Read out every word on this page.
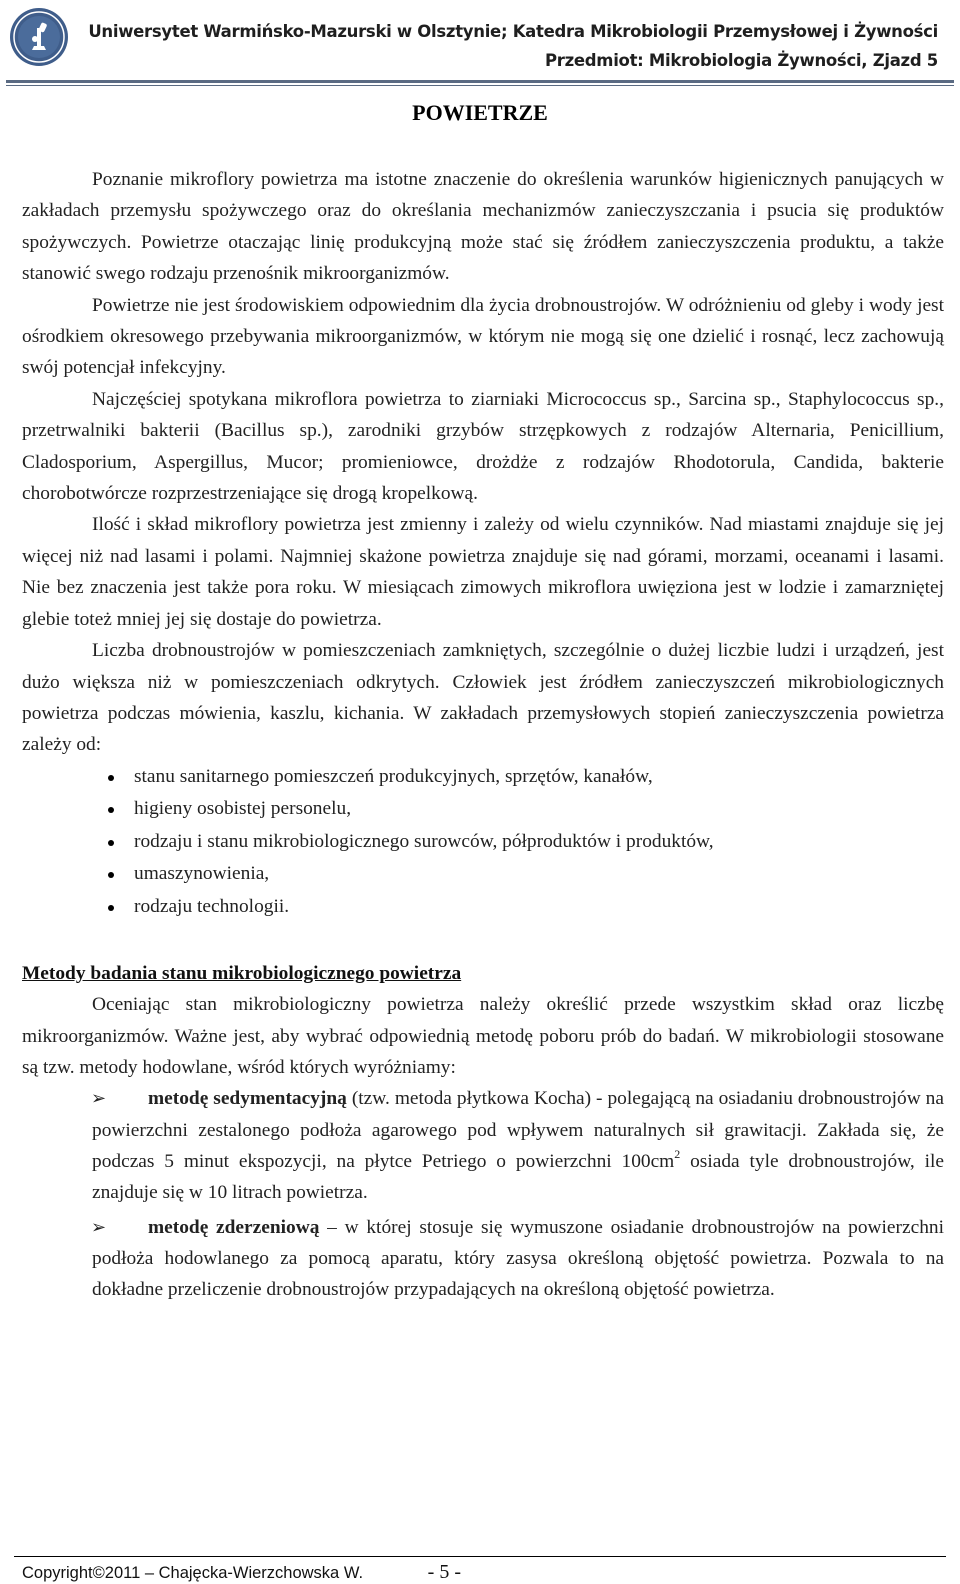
Uniwersytet Warmińsko-Mazurski w Olsztynie; Katedra Mikrobiologii Przemysłowej i Żywności
Przedmiot: Mikrobiologia Żywności, Zjazd 5
POWIETRZE

Poznanie mikroflory powietrza ma istotne znaczenie do określenia warunków higienicznych panujących w zakładach przemysłu spożywczego oraz do określania mechanizmów zanieczyszczania i psucia się produktów spożywczych. Powietrze otaczając linię produkcyjną może stać się źródłem zanieczyszczenia produktu, a także stanowić swego rodzaju przenośnik mikroorganizmów.

Powietrze nie jest środowiskiem odpowiednim dla życia drobnoustrojów. W odróżnieniu od gleby i wody jest ośrodkiem okresowego przebywania mikroorganizmów, w którym nie mogą się one dzielić i rosnąć, lecz zachowują swój potencjał infekcyjny.

Najczęściej spotykana mikroflora powietrza to ziarniaki Micrococcus sp., Sarcina sp., Staphylococcus sp., przetrwalniki bakterii (Bacillus sp.), zarodniki grzybów strzępkowych z rodzajów Alternaria, Penicillium, Cladosporium, Aspergillus, Mucor; promieniowce, drożdże z rodzajów Rhodotorula, Candida, bakterie chorobotwórcze rozprzestrzeniające się drogą kropelkową.

Ilość i skład mikroflory powietrza jest zmienny i zależy od wielu czynników. Nad miastami znajduje się jej więcej niż nad lasami i polami. Najmniej skażone powietrza znajduje się nad górami, morzami, oceanami i lasami. Nie bez znaczenia jest także pora roku. W miesiącach zimowych mikroflora uwięziona jest w lodzie i zamarzniętej glebie toteż mniej jej się dostaje do powietrza.

Liczba drobnoustrojów w pomieszczeniach zamkniętych, szczególnie o dużej liczbie ludzi i urządzeń, jest dużo większa niż w pomieszczeniach odkrytych. Człowiek jest źródłem zanieczyszczeń mikrobiologicznych powietrza podczas mówienia, kaszlu, kichania. W zakładach przemysłowych stopień zanieczyszczenia powietrza zależy od:

stanu sanitarnego pomieszczeń produkcyjnych, sprzętów, kanałów,
higieny osobistej personelu,
rodzaju i stanu mikrobiologicznego surowców, półproduktów i produktów,
umaszynowienia,
rodzaju technologii.
Metody badania stanu mikrobiologicznego powietrza

Oceniając stan mikrobiologiczny powietrza należy określić przede wszystkim skład oraz liczbę mikroorganizmów. Ważne jest, aby wybrać odpowiednią metodę poboru prób do badań. W mikrobiologii stosowane są tzw. metody hodowlane, wśród których wyróżniamy:

➢ metodę sedymentacyjną (tzw. metoda płytkowa Kocha) - polegającą na osiadaniu drobnoustrojów na powierzchni zestalonego podłoża agarowego pod wpływem naturalnych sił grawitacji. Zakłada się, że podczas 5 minut ekspozycji, na płytce Petriego o powierzchni $100cm^2$ osiada tyle drobnoustrojów, ile znajduje się w 10 litrach powietrza.
➢ metodę zderzeniową – w której stosuje się wymuszone osiadanie drobnoustrojów na powierzchni podłoża hodowlanego za pomocą aparatu, który zasysa określoną objętość powietrza. Pozwala to na dokładne przeliczenie drobnoustrojów przypadających na określoną objętość powietrza.
Copyright©2011 – Chajęcka-Wierzchowska W.	- 5 -
